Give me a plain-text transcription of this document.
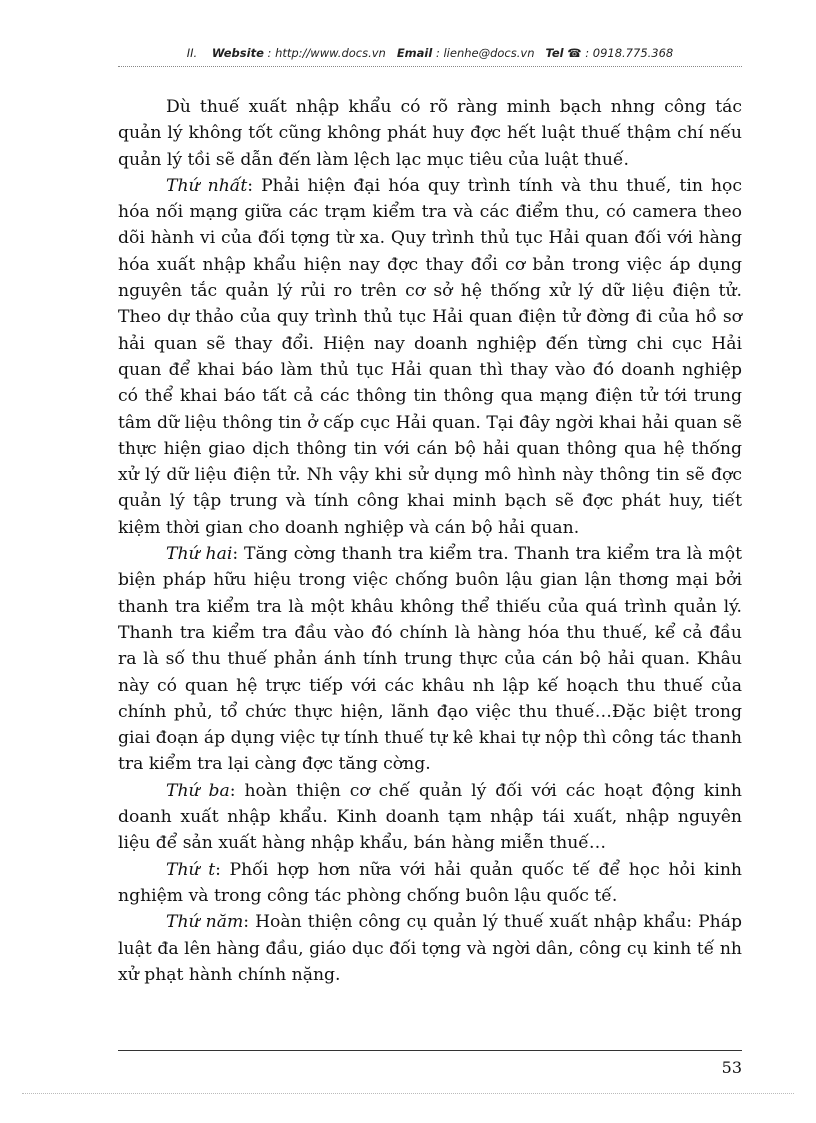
II. Website : http://www.docs.vn Email : lienhe@docs.vn Tel ☎ : 0918.775.368

Dù thuế xuất nhập khẩu có rõ ràng minh bạch nhng công tác quản lý không tốt cũng không phát huy đợc hết luật thuế thậm chí nếu quản lý tồi sẽ dẫn đến làm lệch lạc mục tiêu của luật thuế.

Thứ nhất: Phải hiện đại hóa quy trình tính và thu thuế, tin học hóa nối mạng giữa các trạm kiểm tra và các điểm thu, có camera theo dõi hành vi của đối tợng từ xa. Quy trình thủ tục Hải quan đối với hàng hóa xuất nhập khẩu hiện nay đợc thay đổi cơ bản trong việc áp dụng nguyên tắc quản lý rủi ro trên cơ sở hệ thống xử lý dữ liệu điện tử. Theo dự thảo của quy trình thủ tục Hải quan điện tử đờng đi của hồ sơ hải quan sẽ thay đổi. Hiện nay doanh nghiệp đến từng chi cục Hải quan để khai báo làm thủ tục Hải quan thì thay vào đó doanh nghiệp có thể khai báo tất cả các thông tin thông qua mạng điện tử tới trung tâm dữ liệu thông tin ở cấp cục Hải quan. Tại đây ngời khai hải quan sẽ thực hiện giao dịch thông tin với cán bộ hải quan thông qua hệ thống xử lý dữ liệu điện tử. Nh vậy khi sử dụng mô hình này thông tin sẽ đợc quản lý tập trung và tính công khai minh bạch sẽ đợc phát huy, tiết kiệm thời gian cho doanh nghiệp và cán bộ hải quan.

Thứ hai: Tăng cờng thanh tra kiểm tra. Thanh tra kiểm tra là một biện pháp hữu hiệu trong việc chống buôn lậu gian lận thơng mại bởi thanh tra kiểm tra là một khâu không thể thiếu của quá trình quản lý. Thanh tra kiểm tra đầu vào đó chính là hàng hóa thu thuế, kể cả đầu ra là số thu thuế phản ánh tính trung thực của cán bộ hải quan. Khâu này có quan hệ trực tiếp với các khâu nh lập kế hoạch thu thuế của chính phủ, tổ chức thực hiện, lãnh đạo việc thu thuế…Đặc biệt trong giai đoạn áp dụng việc tự tính thuế tự kê khai tự nộp thì công tác thanh tra kiểm tra lại càng đợc tăng cờng.

Thứ ba: hoàn thiện cơ chế quản lý đối với các hoạt động kinh doanh xuất nhập khẩu. Kinh doanh tạm nhập tái xuất, nhập nguyên liệu để sản xuất hàng nhập khẩu, bán hàng miễn thuế…

Thứ t: Phối hợp hơn nữa với hải quản quốc tế để học hỏi kinh nghiệm và trong công tác phòng chống buôn lậu quốc tế.

Thứ năm: Hoàn thiện công cụ quản lý thuế xuất nhập khẩu: Pháp luật đa lên hàng đầu, giáo dục đối tợng và ngời dân, công cụ kinh tế nh xử phạt hành chính nặng.

53
